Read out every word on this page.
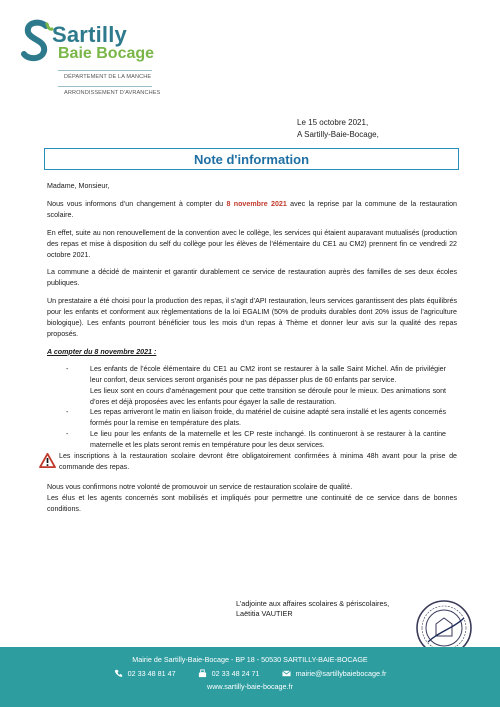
Sartilly
Baie Bocage
DÉPARTEMENT DE LA MANCHE
ARRONDISSEMENT D'AVRANCHES
Le 15 octobre 2021,
A Sartilly-Baie-Bocage,
Note d'information

Madame, Monsieur,

Nous vous informons d’un changement à compter du 8 novembre 2021 avec la reprise par la commune de la restauration scolaire.

En effet, suite au non renouvellement de la convention avec le collège, les services qui étaient auparavant mutualisés (production des repas et mise à disposition du self du collège pour les élèves de l’élémentaire du CE1 au CM2) prennent fin ce vendredi 22 octobre 2021.

La commune a décidé de maintenir et garantir durablement ce service de restauration auprès des familles de ses deux écoles publiques.

Un prestataire a été choisi pour la production des repas, il s’agit d’API restauration, leurs services garantissent des plats équilibrés pour les enfants et conforment aux règlementations de la loi EGALIM (50% de produits durables dont 20% issus de l’agriculture biologique). Les enfants pourront bénéficier tous les mois d’un repas à Thème et donner leur avis sur la qualité des repas proposés.

A compter du 8 novembre 2021 :
- Les enfants de l’école élémentaire du CE1 au CM2 iront se restaurer à la salle Saint Michel. Afin de privilégier leur confort, deux services seront organisés pour ne pas dépasser plus de 60 enfants par service.
Les lieux sont en cours d’aménagement pour que cette transition se déroule pour le mieux. Des animations sont d’ores et déjà proposées avec les enfants pour égayer la salle de restauration.
- Les repas arriveront le matin en liaison froide, du matériel de cuisine adapté sera installé et les agents concernés formés pour la remise en température des plats.
- Le lieu pour les enfants de la maternelle et les CP reste inchangé. Ils continueront à se restaurer à la cantine maternelle et les plats seront remis en température pour les deux services.

Les inscriptions à la restauration scolaire devront être obligatoirement confirmées à minima 48h avant pour la prise de commande des repas.

Nous vous confirmons notre volonté de promouvoir un service de restauration scolaire de qualité.

Les élus et les agents concernés sont mobilisés et impliqués pour permettre une continuité de ce service dans de bonnes conditions.

L’adjointe aux affaires scolaires & périscolaires,
Laëtitia VAUTIER
Mairie de Sartilly-Baie-Bocage - BP 18 - 50530 SARTILLY-BAIE-BOCAGE
02 33 48 81 47	02 33 48 24 71	mairie@sartillybaiebocage.fr
www.sartilly-baie-bocage.fr
